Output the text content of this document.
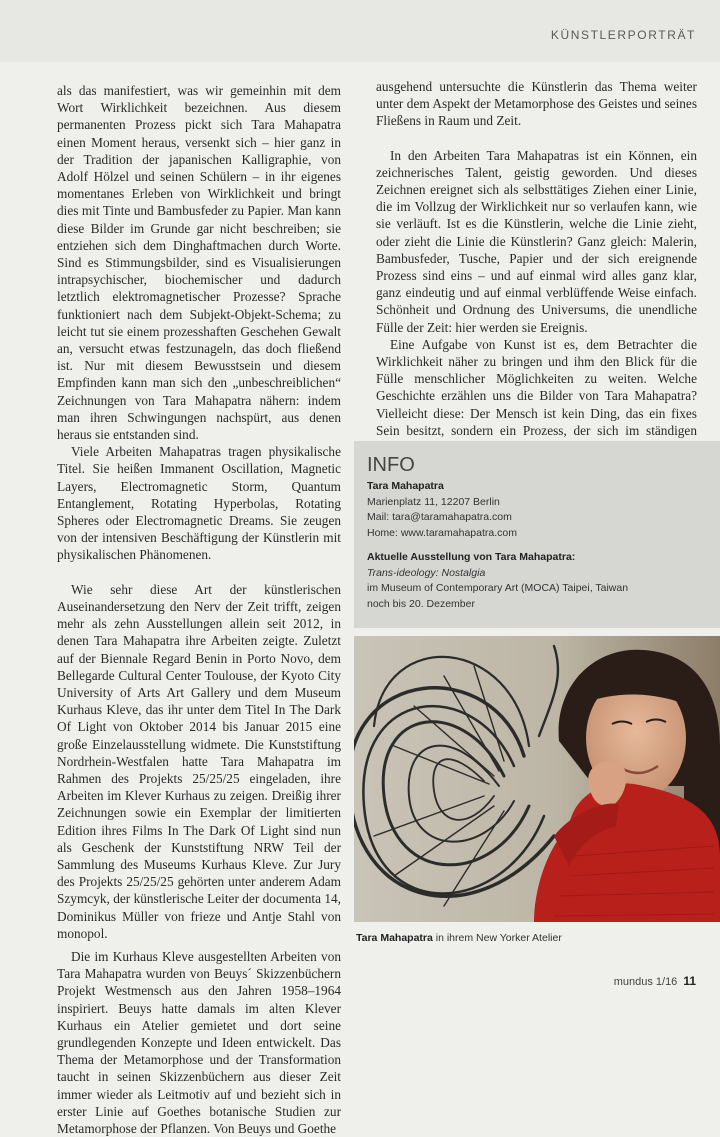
KÜNSTLERPORTRÄT

als das manifestiert, was wir gemeinhin mit dem Wort Wirklichkeit bezeichnen. Aus diesem permanenten Prozess pickt sich Tara Mahapatra einen Moment heraus, versenkt sich – hier ganz in der Tradition der japanischen Kalligraphie, von Adolf Hölzel und seinen Schülern – in ihr eigenes momentanes Erleben von Wirklichkeit und bringt dies mit Tinte und Bambusfeder zu Papier. Man kann diese Bilder im Grunde gar nicht beschreiben; sie entziehen sich dem Dinghaftmachen durch Worte. Sind es Stimmungsbilder, sind es Visualisierungen intrapsychischer, biochemischer und dadurch letztlich elektromagnetischer Prozesse? Sprache funktioniert nach dem Subjekt-Objekt-Schema; zu leicht tut sie einem prozesshaften Geschehen Gewalt an, versucht etwas festzunageln, das doch fließend ist. Nur mit diesem Bewusstsein und diesem Empfinden kann man sich den „unbeschreiblichen“ Zeichnungen von Tara Mahapatra nähern: indem man ihren Schwingungen nachspürt, aus denen heraus sie entstanden sind.

Viele Arbeiten Mahapatras tragen physikalische Titel. Sie heißen Immanent Oscillation, Magnetic Layers, Electromagnetic Storm, Quantum Entanglement, Rotating Hyperbolas, Rotating Spheres oder Electromagnetic Dreams. Sie zeugen von der intensiven Beschäftigung der Künstlerin mit physikalischen Phänomenen.

Wie sehr diese Art der künstlerischen Auseinandersetzung den Nerv der Zeit trifft, zeigen mehr als zehn Ausstellungen allein seit 2012, in denen Tara Mahapatra ihre Arbeiten zeigte. Zuletzt auf der Biennale Regard Benin in Porto Novo, dem Bellegarde Cultural Center Toulouse, der Kyoto City University of Arts Art Gallery und dem Museum Kurhaus Kleve, das ihr unter dem Titel In The Dark Of Light von Oktober 2014 bis Januar 2015 eine große Einzelausstellung widmete. Die Kunststiftung Nordrhein-Westfalen hatte Tara Mahapatra im Rahmen des Projekts 25/25/25 eingeladen, ihre Arbeiten im Klever Kurhaus zu zeigen. Dreißig ihrer Zeichnungen sowie ein Exemplar der limitierten Edition ihres Films In The Dark Of Light sind nun als Geschenk der Kunststiftung NRW Teil der Sammlung des Museums Kurhaus Kleve. Zur Jury des Projekts 25/25/25 gehörten unter anderem Adam Szymcyk, der künstlerische Leiter der documenta 14, Dominikus Müller von frieze und Antje Stahl von monopol.

Die im Kurhaus Kleve ausgestellten Arbeiten von Tara Mahapatra wurden von Beuys´ Skizzenbüchern Projekt Westmensch aus den Jahren 1958–1964 inspiriert. Beuys hatte damals im alten Klever Kurhaus ein Atelier gemietet und dort seine grundlegenden Konzepte und Ideen entwickelt. Das Thema der Metamorphose und der Transformation taucht in seinen Skizzenbüchern aus dieser Zeit immer wieder als Leitmotiv auf und bezieht sich in erster Linie auf Goethes botanische Studien zur Metamorphose der Pflanzen. Von Beuys und Goethe

ausgehend untersuchte die Künstlerin das Thema weiter unter dem Aspekt der Metamorphose des Geistes und seines Fließens in Raum und Zeit.

In den Arbeiten Tara Mahapatras ist ein Können, ein zeichnerisches Talent, geistig geworden. Und dieses Zeichnen ereignet sich als selbsttätiges Ziehen einer Linie, die im Vollzug der Wirklichkeit nur so verlaufen kann, wie sie verläuft. Ist es die Künstlerin, welche die Linie zieht, oder zieht die Linie die Künstlerin? Ganz gleich: Malerin, Bambusfeder, Tusche, Papier und der sich ereignende Prozess sind eins – und auf einmal wird alles ganz klar, ganz eindeutig und auf einmal verblüffende Weise einfach. Schönheit und Ordnung des Universums, die unendliche Fülle der Zeit: hier werden sie Ereignis.

Eine Aufgabe von Kunst ist es, dem Betrachter die Wirklichkeit näher zu bringen und ihm den Blick für die Fülle menschlicher Möglichkeiten zu weiten. Welche Geschichte erzählen uns die Bilder von Tara Mahapatra? Vielleicht diese: Der Mensch ist kein Ding, das ein fixes Sein besitzt, sondern ein Prozess, der sich im ständigen

INFO
Tara Mahapatra
Marienplatz 11, 12207 Berlin
Mail: tara@taramahapatra.com
Home: www.taramahapatra.com
Aktuelle Ausstellung von Tara Mahapatra:
Trans-ideology: Nostalgia
im Museum of Contemporary Art (MOCA) Taipei, Taiwan
noch bis 20. Dezember
Tara Mahapatra in ihrem New Yorker Atelier
mundus 1/16 11
